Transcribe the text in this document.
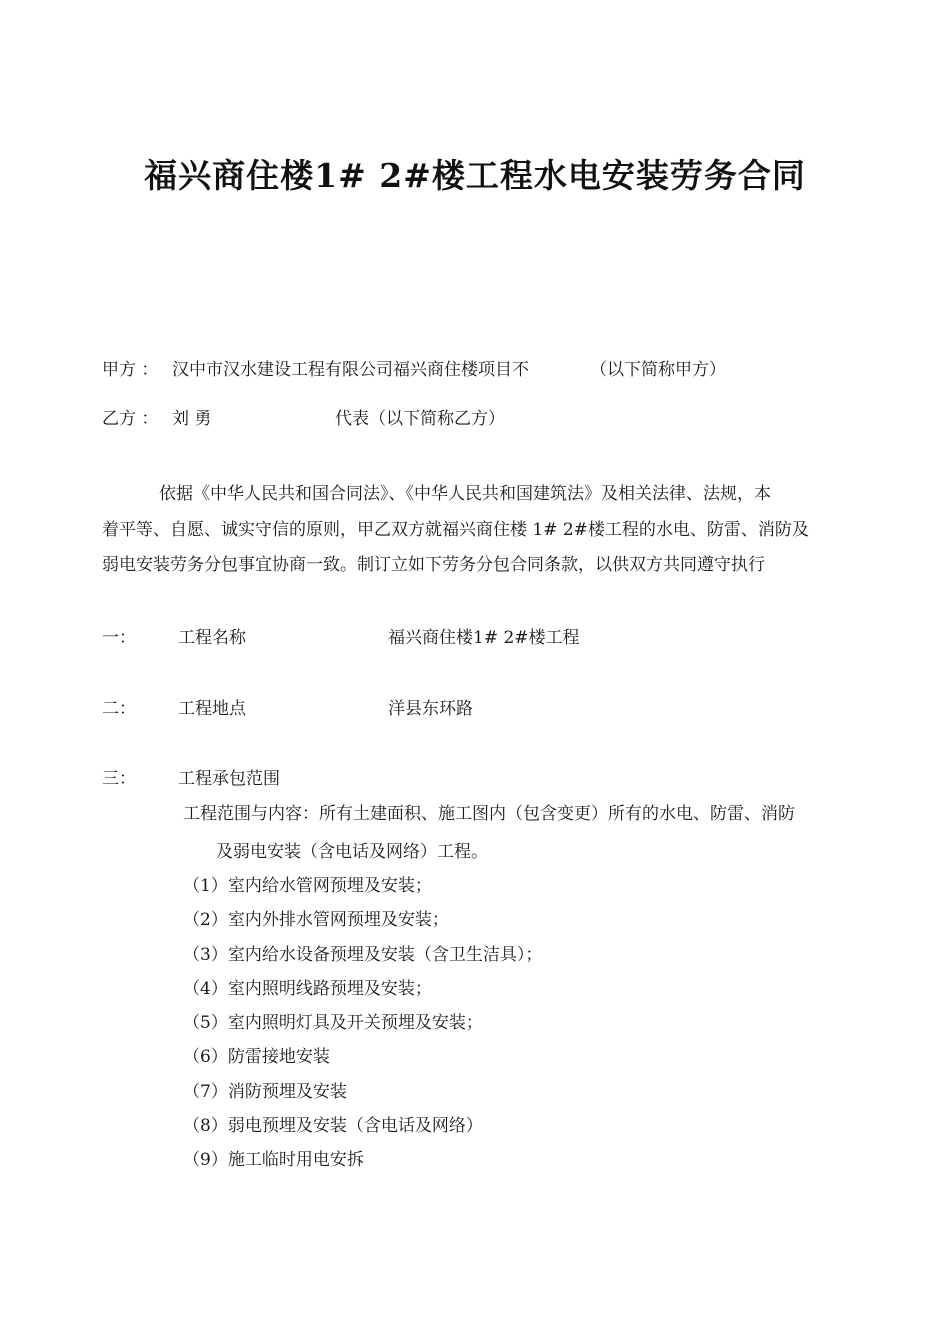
福兴商住楼1# 2#楼工程水电安装劳务合同
甲方 ： 汉中市汉水建设工程有限公司福兴商住楼项目不	（以下简称甲方）
乙方 ： 刘 勇	代表（以下简称乙方）
依据《中华人民共和国合同法》、《中华人民共和国建筑法》及相关法律、法规，本
着平等、自愿、诚实守信的原则，甲乙双方就福兴商住楼 1# 2#楼工程的水电、防雷、消防及
弱电安装劳务分包事宜协商一致。制订立如下劳务分包合同条款，以供双方共同遵守执行
一： 工程名称	福兴商住楼1# 2#楼工程
二： 工程地点	洋县东环路
三： 工程承包范围
工程范围与内容：所有土建面积、施工图内（包含变更）所有的水电、防雷、消防
及弱电安装（含电话及网络）工程。
（1）室内给水管网预埋及安装；
（2）室内外排水管网预埋及安装；
（3）室内给水设备预埋及安装（含卫生洁具）；
（4）室内照明线路预埋及安装；
（5）室内照明灯具及开关预埋及安装；
（6）防雷接地安装
（7）消防预埋及安装
（8）弱电预埋及安装（含电话及网络）
（9）施工临时用电安拆
